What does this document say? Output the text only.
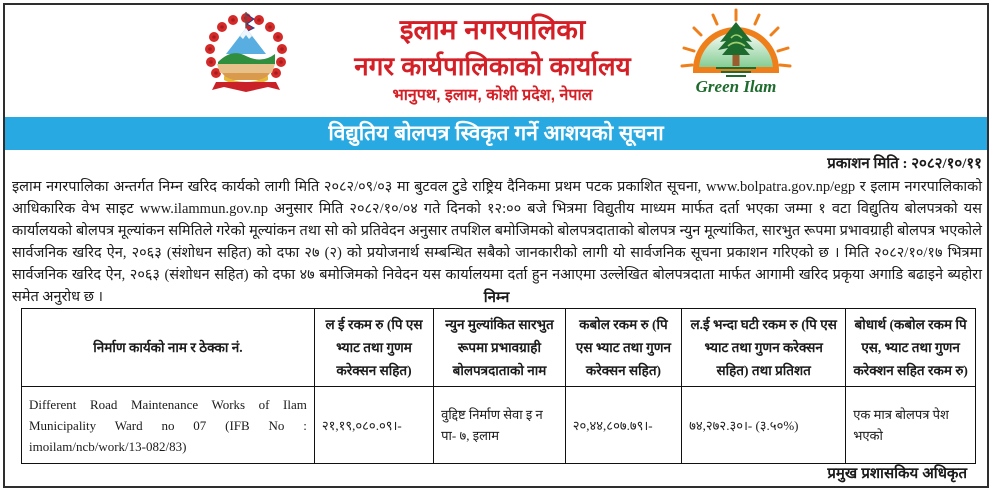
इलाम नगरपालिका
नगर कार्यपालिकाको कार्यालय
भानुपथ, इलाम, कोशी प्रदेश, नेपाल	Green Ilam
विद्युतिय बोलपत्र स्विकृत गर्ने आशयको सूचना
प्रकाशन मिति : २०८२/१०/११
इलाम नगरपालिका अन्तर्गत निम्न खरिद कार्यको लागी मिति २०८२/०९/०३ मा बुटवल टुडे राष्ट्रिय दैनिकमा प्रथम पटक प्रकाशित सूचना, www.bolpatra.gov.np/egp र इलाम नगरपालिकाको आधिकारिक वेभ साइट www.ilammun.gov.np अनुसार मिति २०८२/१०/०४ गते दिनको १२:०० बजे भित्रमा विद्युतीय माध्यम मार्फत दर्ता भएका जम्मा १ वटा विद्युतिय बोलपत्रको यस कार्यालयको बोलपत्र मूल्यांकन समितिले गरेको मूल्यांकन तथा सो को प्रतिवेदन अनुसार तपशिल बमोजिमको बोलपत्रदाताको बोलपत्र न्युन मूल्यांकित, सारभुत रूपमा प्रभावग्राही बोलपत्र भएकोले सार्वजनिक खरिद ऐन, २०६३ (संशोधन सहित) को दफा २७ (२) को प्रयोजनार्थ सम्बन्धित सबैको जानकारीको लागी यो सार्वजनिक सूचना प्रकाशन गरिएको छ । मिति २०८२/१०/१७ भित्रमा सार्वजनिक खरिद ऐन, २०६३ (संशोधन सहित) को दफा ४७ बमोजिमको निवेदन यस कार्यालयमा दर्ता हुन नआएमा उल्लेखित बोलपत्रदाता मार्फत आगामी खरिद प्रकृया अगाडि बढाइने ब्यहोरा समेत अनुरोध छ ।	निम्न
निर्माण कार्यको नाम र ठेक्का नं.	ल ई रकम रु (पि एस भ्याट तथा गुणम करेक्सन सहित)	न्युन मुल्यांकित सारभुत रूपमा प्रभावग्राही बोलपत्रदाताको नाम	कबोल रकम रु (पि एस भ्याट तथा गुणन करेक्सन सहित)	ल.ई भन्दा घटी रकम रु (पि एस भ्याट तथा गुणन करेक्सन सहित) तथा प्रतिशत	बोधार्थ (कबोल रकम पि एस, भ्याट तथा गुणन करेक्शन सहित रकम रु)
Different Road Maintenance Works of Ilam Municipality Ward no 07 (IFB No : imoilam/ncb/work/13-082/83)	२१,१९,०८०.०९।-	वुद्दिष्ट निर्माण सेवा इ न पा- ७, इलाम	२०,४४,८०७.७९।-	७४,२७२.३०।- (३.५०%)	एक मात्र बोलपत्र पेश भएको
प्रमुख प्रशासकिय अधिकृत
